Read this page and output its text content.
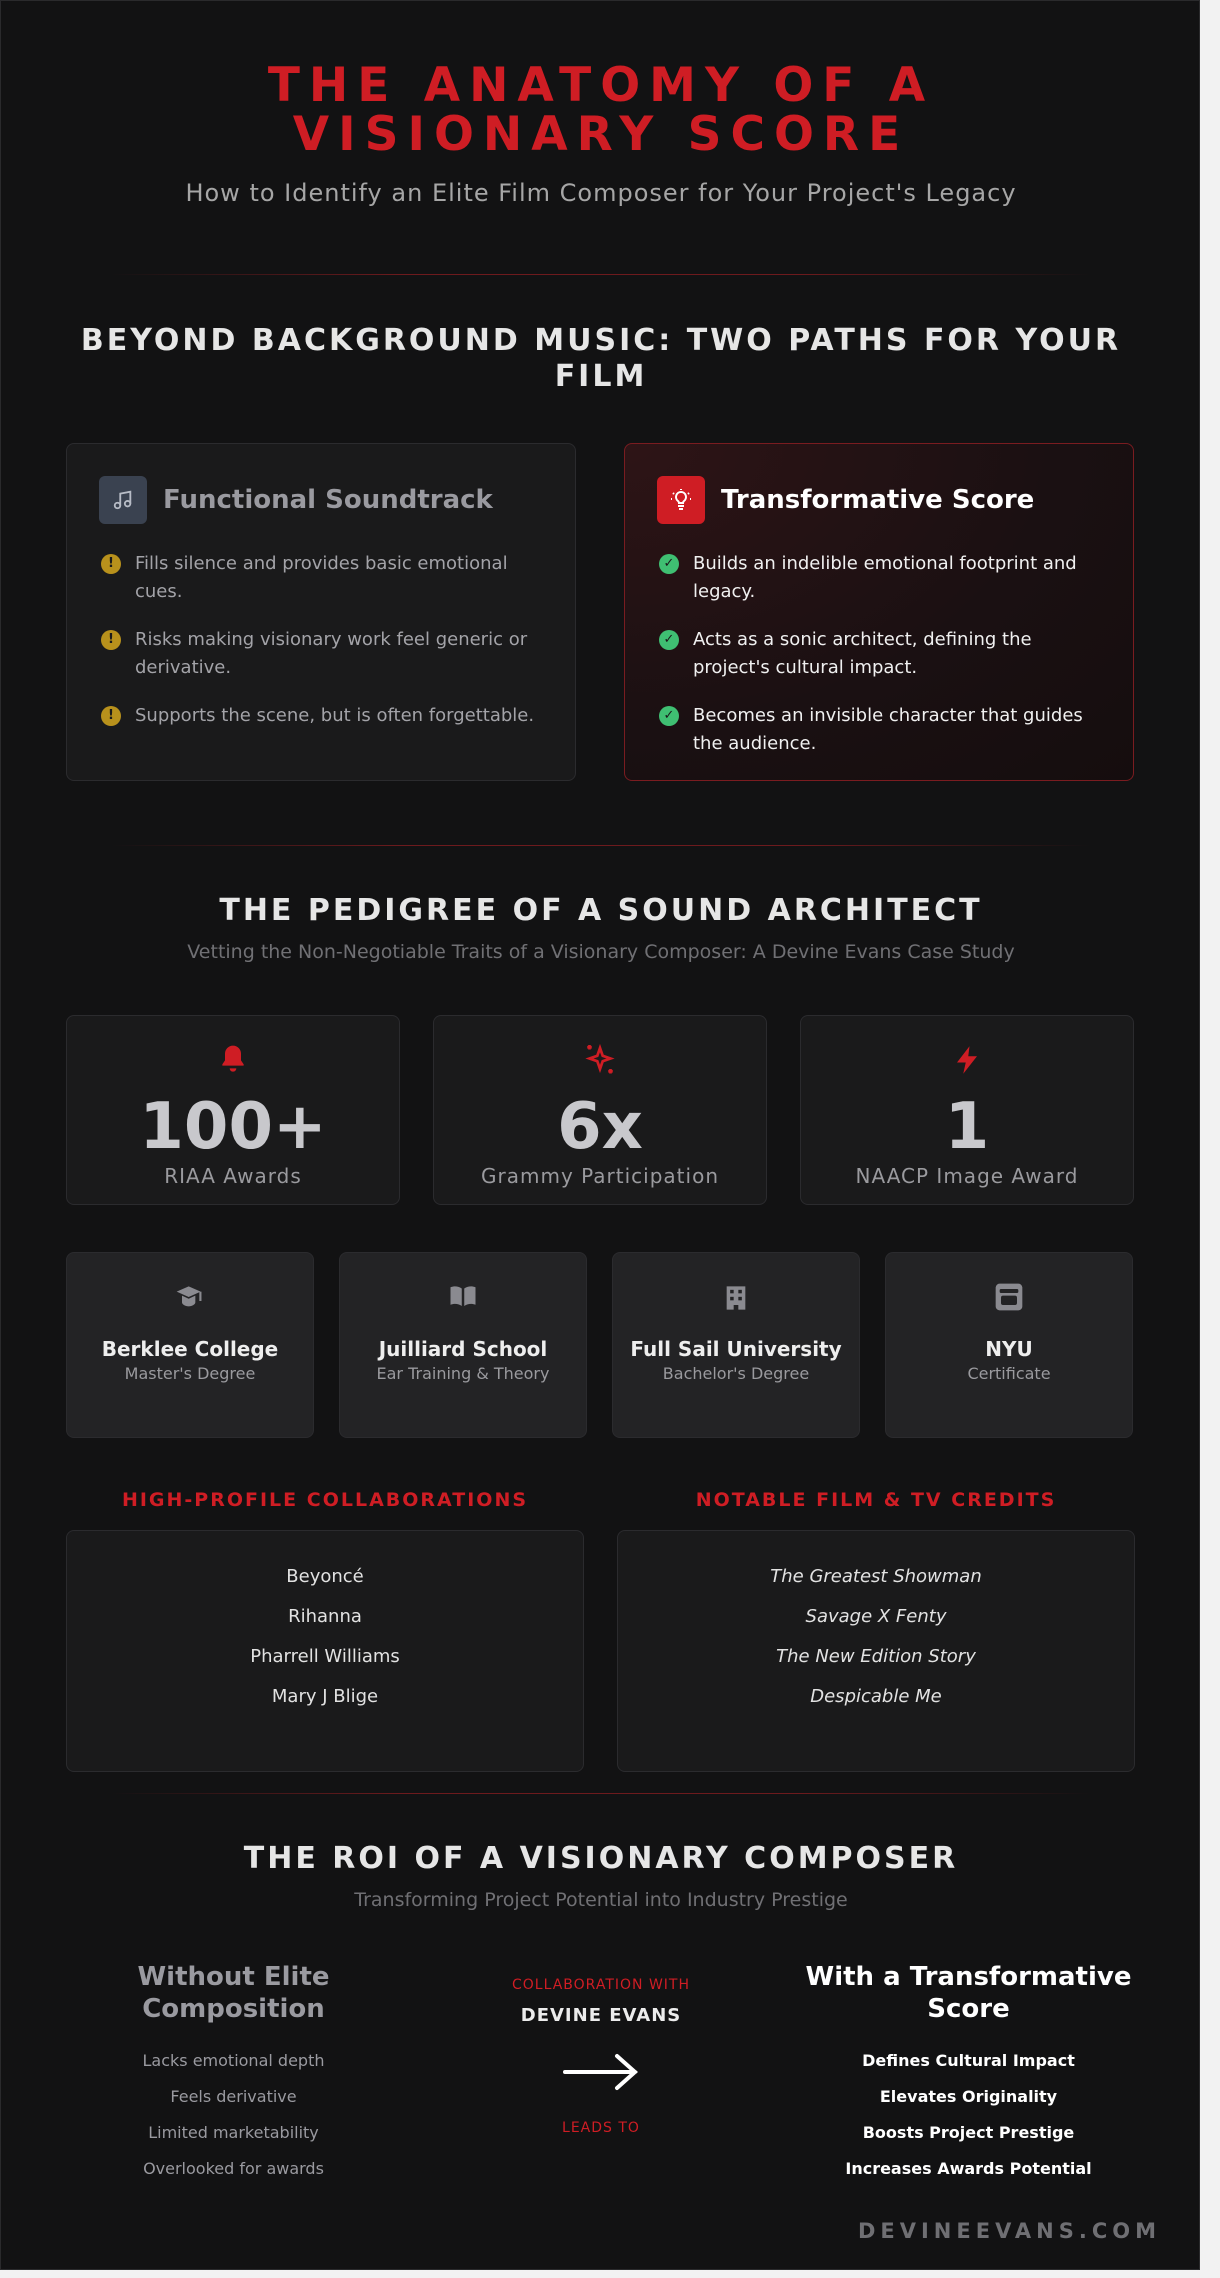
THE ANATOMY OF A
VISIONARY SCORE
How to Identify an Elite Film Composer for Your Project's Legacy
BEYOND BACKGROUND MUSIC: TWO PATHS FOR YOUR FILM
Functional Soundtrack
!	Fills silence and provides basic emotional cues.
!	Risks making visionary work feel generic or derivative.
!	Supports the scene, but is often forgettable.
Transformative Score
✓ Builds an indelible emotional footprint and legacy.
✓ Acts as a sonic architect, defining the project's cultural impact.
✓ Becomes an invisible character that guides the audience.
THE PEDIGREE OF A SOUND ARCHITECT
Vetting the Non-Negotiable Traits of a Visionary Composer: A Devine Evans Case Study
100+
RIAA Awards
6x
Grammy Participation
1
NAACP Image Award
Berklee College
Master's Degree
Juilliard School
Ear Training & Theory
Full Sail University
Bachelor's Degree
NYU
Certificate
HIGH-PROFILE COLLABORATIONS	NOTABLE FILM & TV CREDITS
Beyoncé
Rihanna
Pharrell Williams
Mary J Blige
The Greatest Showman
Savage X Fenty
The New Edition Story
Despicable Me
THE ROI OF A VISIONARY COMPOSER
Transforming Project Potential into Industry Prestige
Without Elite Composition
Lacks emotional depth
Feels derivative
Limited marketability
Overlooked for awards
COLLABORATION WITH
DEVINE EVANS
LEADS TO
With a Transformative Score
Defines Cultural Impact
Elevates Originality
Boosts Project Prestige
Increases Awards Potential
DEVINEEVANS.COM
